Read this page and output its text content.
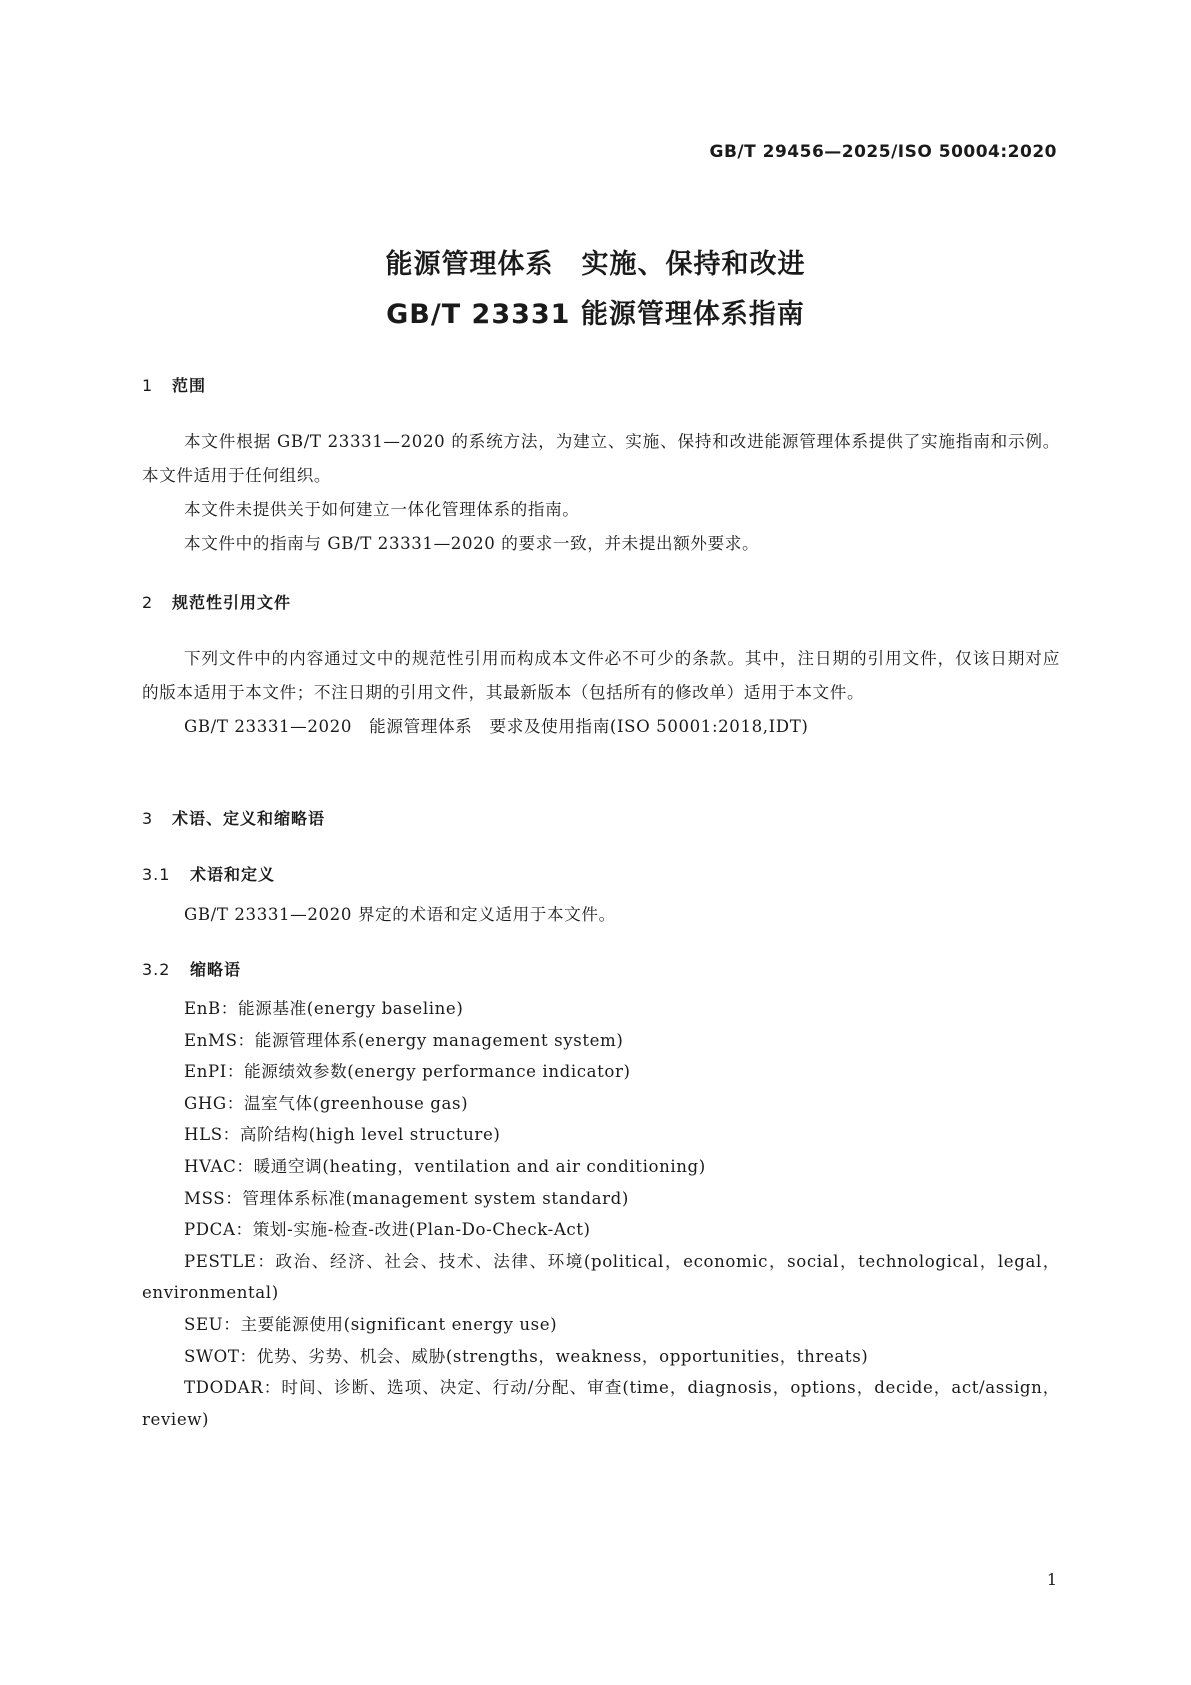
GB/T 29456—2025/ISO 50004:2020
能源管理体系　实施、保持和改进
GB/T 23331 能源管理体系指南
1 范围

本文件根据 GB/T 23331—2020 的系统方法，为建立、实施、保持和改进能源管理体系提供了实施指南和示例。本文件适用于任何组织。

本文件未提供关于如何建立一体化管理体系的指南。

本文件中的指南与 GB/T 23331—2020 的要求一致，并未提出额外要求。

2 规范性引用文件

下列文件中的内容通过文中的规范性引用而构成本文件必不可少的条款。其中，注日期的引用文件，仅该日期对应的版本适用于本文件；不注日期的引用文件，其最新版本（包括所有的修改单）适用于本文件。

GB/T 23331—2020　能源管理体系　要求及使用指南(ISO 50001:2018,IDT)

3 术语、定义和缩略语
3.1 术语和定义

GB/T 23331—2020 界定的术语和定义适用于本文件。

3.2 缩略语

EnB：能源基准(energy baseline)

EnMS：能源管理体系(energy management system)

EnPI：能源绩效参数(energy performance indicator)

GHG：温室气体(greenhouse gas)

HLS：高阶结构(high level structure)

HVAC：暖通空调(heating，ventilation and air conditioning)

MSS：管理体系标准(management system standard)

PDCA：策划-实施-检查-改进(Plan-Do-Check-Act)

PESTLE：政治、经济、社会、技术、法律、环境(political，economic，social，technological，legal，environmental)

SEU：主要能源使用(significant energy use)

SWOT：优势、劣势、机会、威胁(strengths，weakness，opportunities，threats)

TDODAR：时间、诊断、选项、决定、行动/分配、审查(time，diagnosis，options，decide，act/assign，review)

1
